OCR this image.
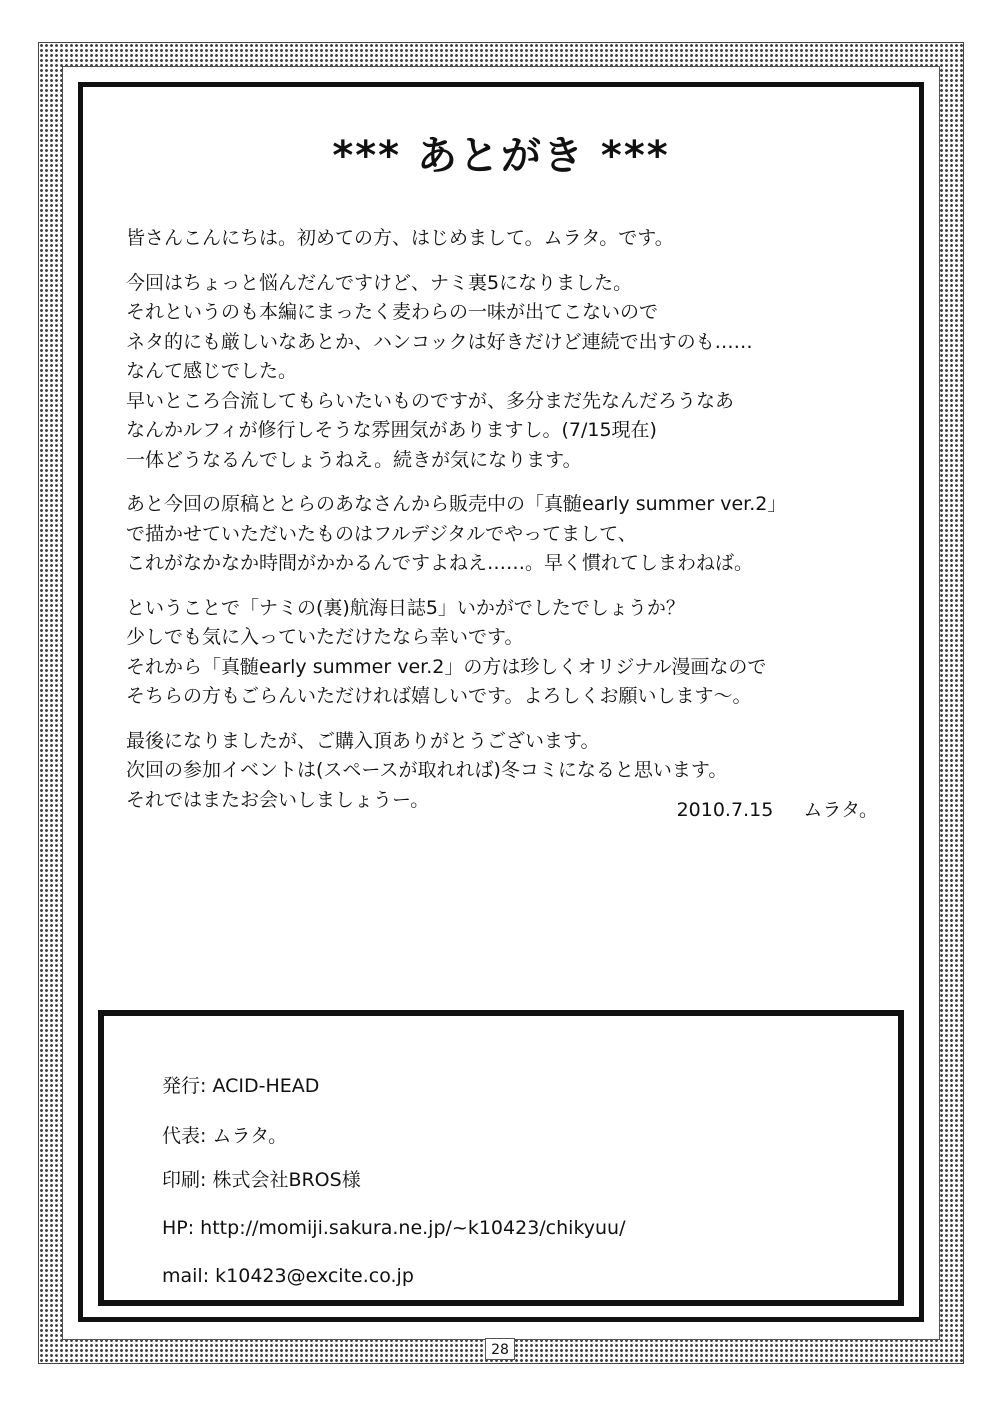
*** あとがき ***
皆さんこんにちは。初めての方、はじめまして。ムラタ。です。
今回はちょっと悩んだんですけど、ナミ裏5になりました。
それというのも本編にまったく麦わらの一味が出てこないので
ネタ的にも厳しいなあとか、ハンコックは好きだけど連続で出すのも……
なんて感じでした。
早いところ合流してもらいたいものですが、多分まだ先なんだろうなあ
なんかルフィが修行しそうな雰囲気がありますし。(7/15現在)
一体どうなるんでしょうねえ。続きが気になります。
あと今回の原稿ととらのあなさんから販売中の「真髄early summer ver.2」
で描かせていただいたものはフルデジタルでやってまして、
これがなかなか時間がかかるんですよねえ……。早く慣れてしまわねば。
ということで「ナミの(裏)航海日誌5」いかがでしたでしょうか？
少しでも気に入っていただけたなら幸いです。
それから「真髄early summer ver.2」の方は珍しくオリジナル漫画なので
そちらの方もごらんいただければ嬉しいです。よろしくお願いします～。
最後になりましたが、ご購入頂ありがとうございます。
次回の参加イベントは(スペースが取れれば)冬コミになると思います。
それではまたお会いしましょうー。	2010.7.15 ムラタ。
発行: ACID-HEAD
代表: ムラタ。
印刷: 株式会社BROS様
HP: http://momiji.sakura.ne.jp/~k10423/chikyuu/
mail: k10423@excite.co.jp
28
